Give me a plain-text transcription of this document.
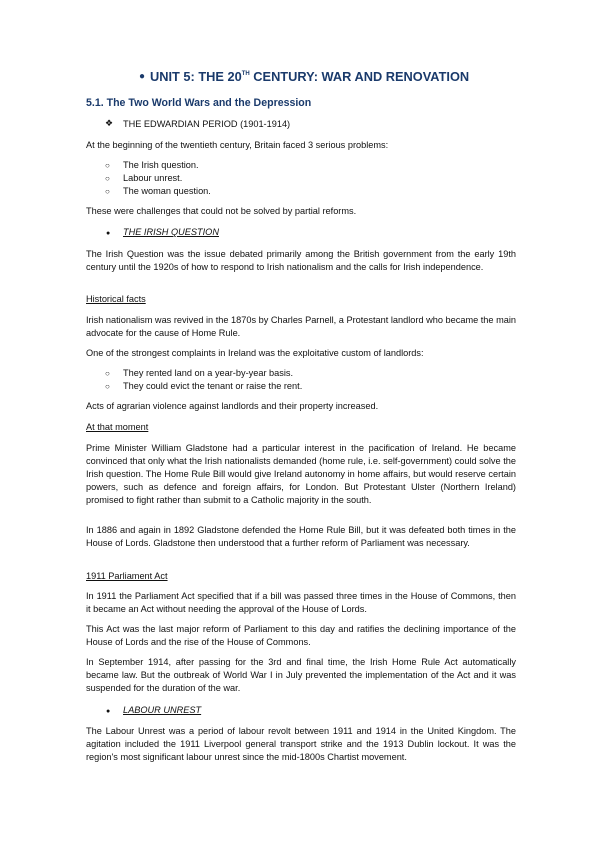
● UNIT 5: THE 20TH CENTURY: WAR AND RENOVATION
5.1. The Two World Wars and the Depression
❖ THE EDWARDIAN PERIOD (1901-1914)
At the beginning of the twentieth century, Britain faced 3 serious problems:
○ The Irish question.
○ Labour unrest.
○ The woman question.
These were challenges that could not be solved by partial reforms.
● THE IRISH QUESTION

The Irish Question was the issue debated primarily among the British government from the early 19th century until the 1920s of how to respond to Irish nationalism and the calls for Irish independence.

Historical facts

Irish nationalism was revived in the 1870s by Charles Parnell, a Protestant landlord who became the main advocate for the cause of Home Rule.

One of the strongest complaints in Ireland was the exploitative custom of landlords:
○ They rented land on a year-by-year basis.
○ They could evict the tenant or raise the rent.
Acts of agrarian violence against landlords and their property increased.
At that moment

Prime Minister William Gladstone had a particular interest in the pacification of Ireland. He became convinced that only what the Irish nationalists demanded (home rule, i.e. self-government) could solve the Irish question. The Home Rule Bill would give Ireland autonomy in home affairs, but would reserve certain powers, such as defence and foreign affairs, for London. But Protestant Ulster (Northern Ireland) promised to fight rather than submit to a Catholic majority in the south.

In 1886 and again in 1892 Gladstone defended the Home Rule Bill, but it was defeated both times in the House of Lords. Gladstone then understood that a further reform of Parliament was necessary.

1911 Parliament Act

In 1911 the Parliament Act specified that if a bill was passed three times in the House of Commons, then it became an Act without needing the approval of the House of Lords.

This Act was the last major reform of Parliament to this day and ratifies the declining importance of the House of Lords and the rise of the House of Commons.

In September 1914, after passing for the 3rd and final time, the Irish Home Rule Act automatically became law. But the outbreak of World War I in July prevented the implementation of the Act and it was suspended for the duration of the war.

● LABOUR UNREST

The Labour Unrest was a period of labour revolt between 1911 and 1914 in the United Kingdom. The agitation included the 1911 Liverpool general transport strike and the 1913 Dublin lockout. It was the region's most significant labour unrest since the mid-1800s Chartist movement.
